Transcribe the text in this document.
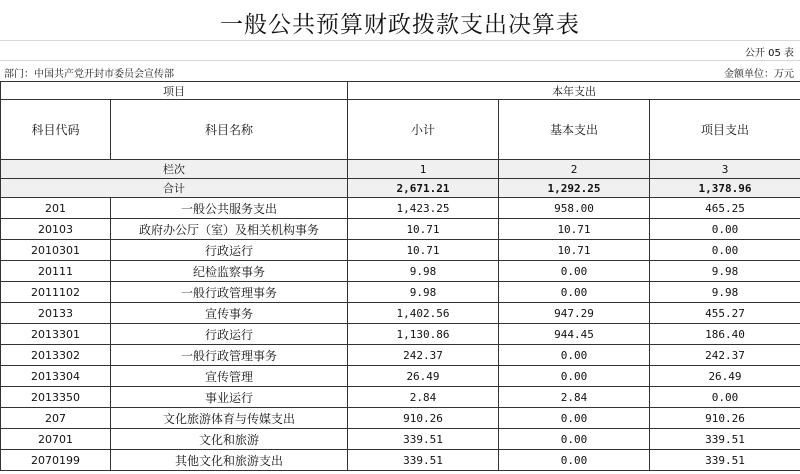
一般公共预算财政拨款支出决算表
公开 05 表
部门：中国共产党开封市委员会宣传部	金额单位：万元
项目		本年支出		
科目代码	科目名称	小计	基本支出	项目支出
栏次		1	2	3
合计		2,671.21	1,292.25	1,378.96
201	一般公共服务支出	1,423.25	958.00	465.25
20103	政府办公厅（室）及相关机构事务	10.71	10.71	0.00
2010301	行政运行	10.71	10.71	0.00
20111	纪检监察事务	9.98	0.00	9.98
2011102	一般行政管理事务	9.98	0.00	9.98
20133	宣传事务	1,402.56	947.29	455.27
2013301	行政运行	1,130.86	944.45	186.40
2013302	一般行政管理事务	242.37	0.00	242.37
2013304	宣传管理	26.49	0.00	26.49
2013350	事业运行	2.84	2.84	0.00
207	文化旅游体育与传媒支出	910.26	0.00	910.26
20701	文化和旅游	339.51	0.00	339.51
2070199	其他文化和旅游支出	339.51	0.00	339.51
